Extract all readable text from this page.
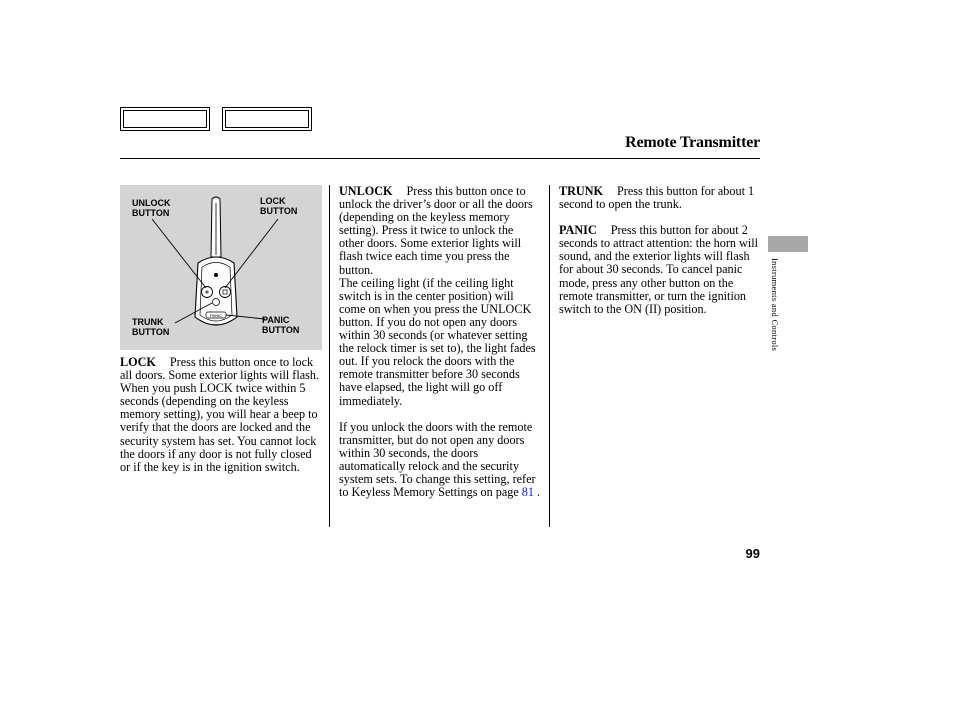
Remote Transmitter
UNLOCK
BUTTON
LOCK
BUTTON
TRUNK
BUTTON
PANIC
BUTTON
PANIC

LOCK Press this button once to lock all doors. Some exterior lights will flash. When you push LOCK twice within 5 seconds (depending on the keyless memory setting), you will hear a beep to verify that the doors are locked and the security system has set. You cannot lock the doors if any door is not fully closed or if the key is in the ignition switch.

UNLOCK Press this button once to unlock the driver’s door or all the doors (depending on the keyless memory setting). Press it twice to unlock the other doors. Some exterior lights will flash twice each time you press the button.

The ceiling light (if the ceiling light switch is in the center position) will come on when you press the UNLOCK button. If you do not open any doors within 30 seconds (or whatever setting the relock timer is set to), the light fades out. If you relock the doors with the remote transmitter before 30 seconds have elapsed, the light will go off immediately.

If you unlock the doors with the remote transmitter, but do not open any doors within 30 seconds, the doors automatically relock and the security system sets. To change this setting, refer to Keyless Memory Settings on page 81 .

TRUNK Press this button for about 1 second to open the trunk.

PANIC Press this button for about 2 seconds to attract attention: the horn will sound, and the exterior lights will flash for about 30 seconds. To cancel panic mode, press any other button on the remote transmitter, or turn the ignition switch to the ON (II) position.	Instruments and Controls
99
